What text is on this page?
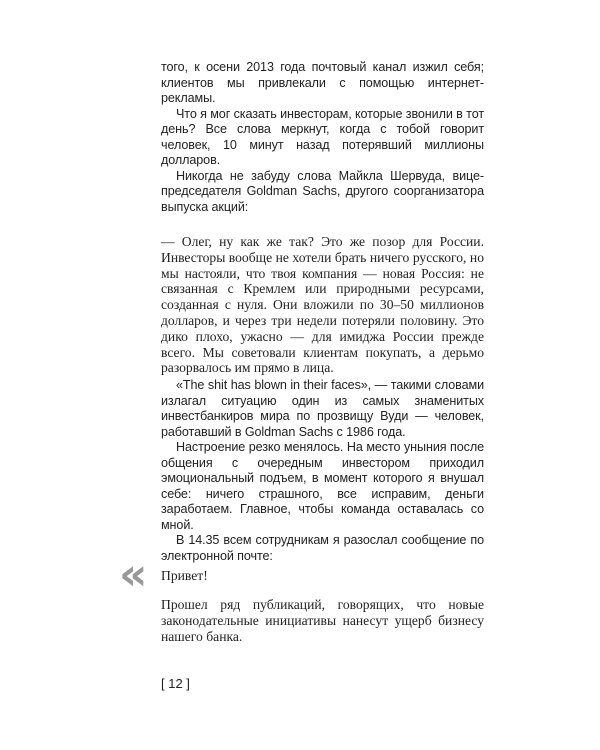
того, к осени 2013 года почтовый канал изжил себя; клиентов мы привлекали с помощью интернет-рекламы.

Что я мог сказать инвесторам, которые звонили в тот день? Все слова меркнут, когда с тобой говорит человек, 10 минут назад потерявший миллионы долларов.

Никогда не забуду слова Майкла Шервуда, вице-председателя Goldman Sachs, другого соорганизатора выпуска акций:

— Олег, ну как же так? Это же позор для России. Инвесторы вообще не хотели брать ничего русского, но мы настояли, что твоя компания — новая Россия: не связанная с Кремлем или природными ресурсами, созданная с нуля. Они вложили по 30–50 миллионов долларов, и через три недели потеряли половину. Это дико плохо, ужасно — для имиджа России прежде всего. Мы советовали клиентам покупать, а дерьмо разорвалось им прямо в лица.

«The shit has blown in their faces», — такими словами излагал ситуацию один из самых знаменитых инвестбанкиров мира по прозвищу Вуди — человек, работавший в Goldman Sachs с 1986 года.

Настроение резко менялось. На место уныния после общения с очередным инвестором приходил эмоциональный подъем, в момент которого я внушал себе: ничего страшного, все исправим, деньги заработаем. Главное, чтобы команда оставалась со мной.

В 14.35 всем сотрудникам я разослал сообщение по электронной почте:

« Привет!

Прошел ряд публикаций, говорящих, что новые законодательные инициативы нанесут ущерб бизнесу нашего банка.

[ 12 ]
